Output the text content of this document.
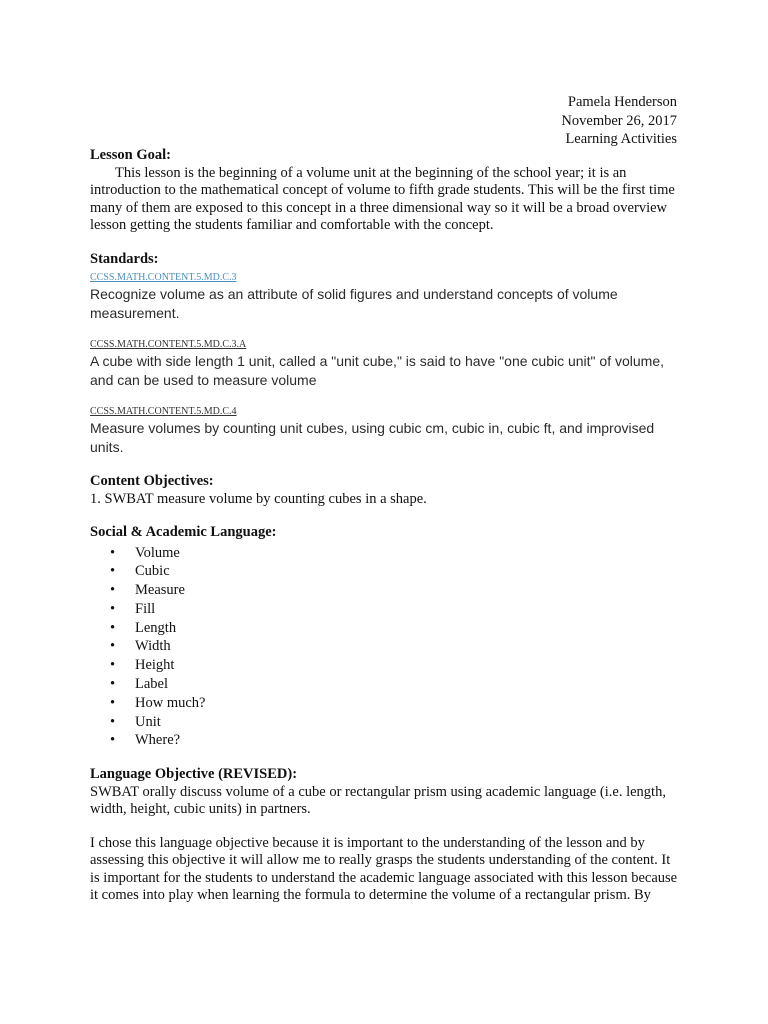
Pamela Henderson
November 26, 2017
Learning Activities
Lesson Goal:

This lesson is the beginning of a volume unit at the beginning of the school year; it is an introduction to the mathematical concept of volume to fifth grade students. This will be the first time many of them are exposed to this concept in a three dimensional way so it will be a broad overview lesson getting the students familiar and comfortable with the concept.

Standards:
CCSS.MATH.CONTENT.5.MD.C.3
Recognize volume as an attribute of solid figures and understand concepts of volume measurement.
CCSS.MATH.CONTENT.5.MD.C.3.A
A cube with side length 1 unit, called a "unit cube," is said to have "one cubic unit" of volume, and can be used to measure volume
CCSS.MATH.CONTENT.5.MD.C.4
Measure volumes by counting unit cubes, using cubic cm, cubic in, cubic ft, and improvised units.
Content Objectives:
1. SWBAT measure volume by counting cubes in a shape.
Social & Academic Language:
• Volume
• Cubic
• Measure
• Fill
• Length
• Width
• Height
• Label
• How much?
• Unit
• Where?
Language Objective (REVISED):

SWBAT orally discuss volume of a cube or rectangular prism using academic language (i.e. length, width, height, cubic units) in partners.

I chose this language objective because it is important to the understanding of the lesson and by assessing this objective it will allow me to really grasps the students understanding of the content. It is important for the students to understand the academic language associated with this lesson because it comes into play when learning the formula to determine the volume of a rectangular prism. By
